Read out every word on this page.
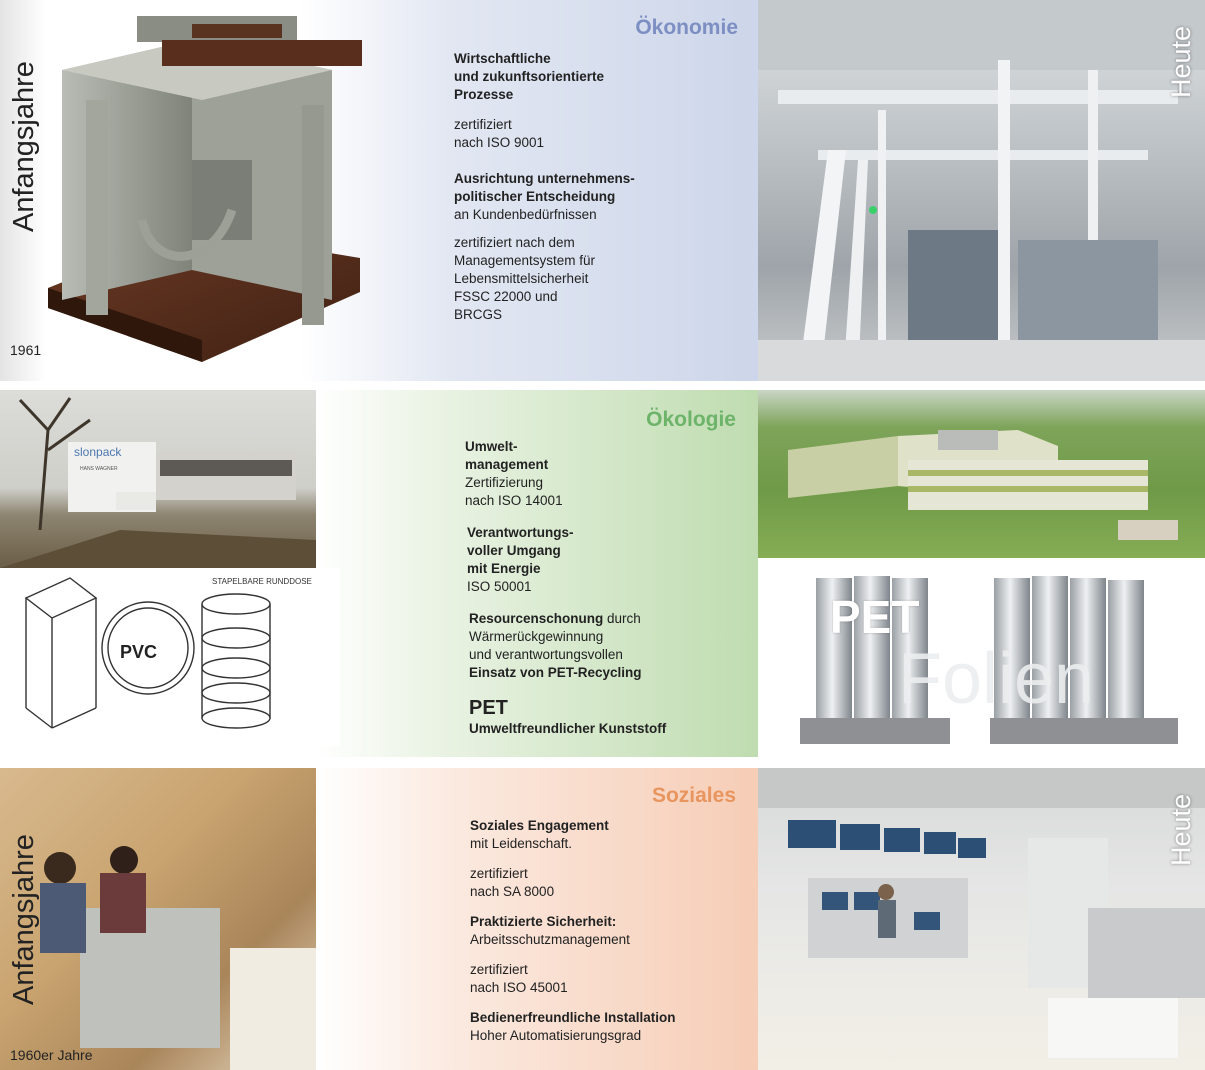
Anfangsjahre
1961
Ökonomie
Wirtschaftliche
und zukunftsorientierte
Prozesse
zertifiziert
nach ISO 9001
Ausrichtung unternehmens-
politischer Entscheidung
an Kundenbedürfnissen
zertifiziert nach dem
Managementsystem für
Lebensmittelsicherheit
FSSC 22000 und
BRCGS
Heute
slonpack
HANS WAGNER
PVC
STAPELBARE RUNDDOSE
Ökologie
Umwelt-
management
Zertifizierung
nach ISO 14001
Verantwortungs-
voller Umgang
mit Energie
ISO 50001
Resourcenschonung durch
Wärmerückgewinnung
und verantwortungsvollen
Einsatz von PET-Recycling
PET
Umweltfreundlicher Kunststoff
PET
Folien
Anfangsjahre
1960er Jahre
Soziales
Soziales Engagement
mit Leidenschaft.
zertifiziert
nach SA 8000
Praktizierte Sicherheit:
Arbeitsschutzmanagement
zertifiziert
nach ISO 45001
Bedienerfreundliche Installation
Hoher Automatisierungsgrad
Heute
